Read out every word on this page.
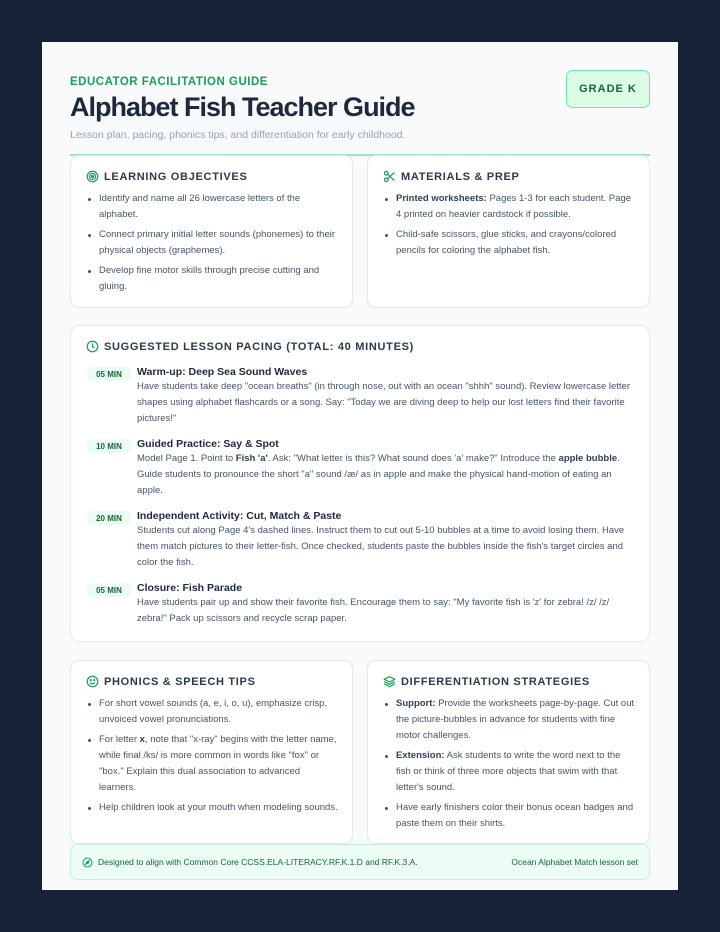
EDUCATOR FACILITATION GUIDE
Alphabet Fish Teacher Guide
Lesson plan, pacing, phonics tips, and differentiation for early childhood.
GRADE K
LEARNING OBJECTIVES
Identify and name all 26 lowercase letters of the alphabet.
Connect primary initial letter sounds (phonemes) to their physical objects (graphemes).
Develop fine motor skills through precise cutting and gluing.
MATERIALS & PREP
Printed worksheets: Pages 1-3 for each student. Page 4 printed on heavier cardstock if possible.
Child-safe scissors, glue sticks, and crayons/colored pencils for coloring the alphabet fish.
SUGGESTED LESSON PACING (TOTAL: 40 MINUTES)
05 MIN	Warm-up: Deep Sea Sound Waves
Have students take deep "ocean breaths" (in through nose, out with an ocean "shhh" sound). Review lowercase letter shapes using alphabet flashcards or a song. Say: "Today we are diving deep to help our lost letters find their favorite pictures!"
10 MIN	Guided Practice: Say & Spot
Model Page 1. Point to Fish 'a'. Ask: "What letter is this? What sound does 'a' make?" Introduce the apple bubble. Guide students to pronounce the short "a" sound /æ/ as in apple and make the physical hand-motion of eating an apple.
20 MIN	Independent Activity: Cut, Match & Paste
Students cut along Page 4's dashed lines. Instruct them to cut out 5-10 bubbles at a time to avoid losing them. Have them match pictures to their letter-fish. Once checked, students paste the bubbles inside the fish's target circles and color the fish.
05 MIN	Closure: Fish Parade
Have students pair up and show their favorite fish. Encourage them to say: "My favorite fish is 'z' for zebra! /z/ /z/ zebra!" Pack up scissors and recycle scrap paper.
PHONICS & SPEECH TIPS
For short vowel sounds (a, e, i, o, u), emphasize crisp, unvoiced vowel pronunciations.
For letter x, note that "x-ray" begins with the letter name, while final /ks/ is more common in words like "fox" or "box." Explain this dual association to advanced learners.
Help children look at your mouth when modeling sounds.
DIFFERENTIATION STRATEGIES
Support: Provide the worksheets page-by-page. Cut out the picture-bubbles in advance for students with fine motor challenges.
Extension: Ask students to write the word next to the fish or think of three more objects that swim with that letter's sound.
Have early finishers color their bonus ocean badges and paste them on their shirts.
Designed to align with Common Core CCSS.ELA-LITERACY.RF.K.1.D and RF.K.3.A.	Ocean Alphabet Match lesson set
